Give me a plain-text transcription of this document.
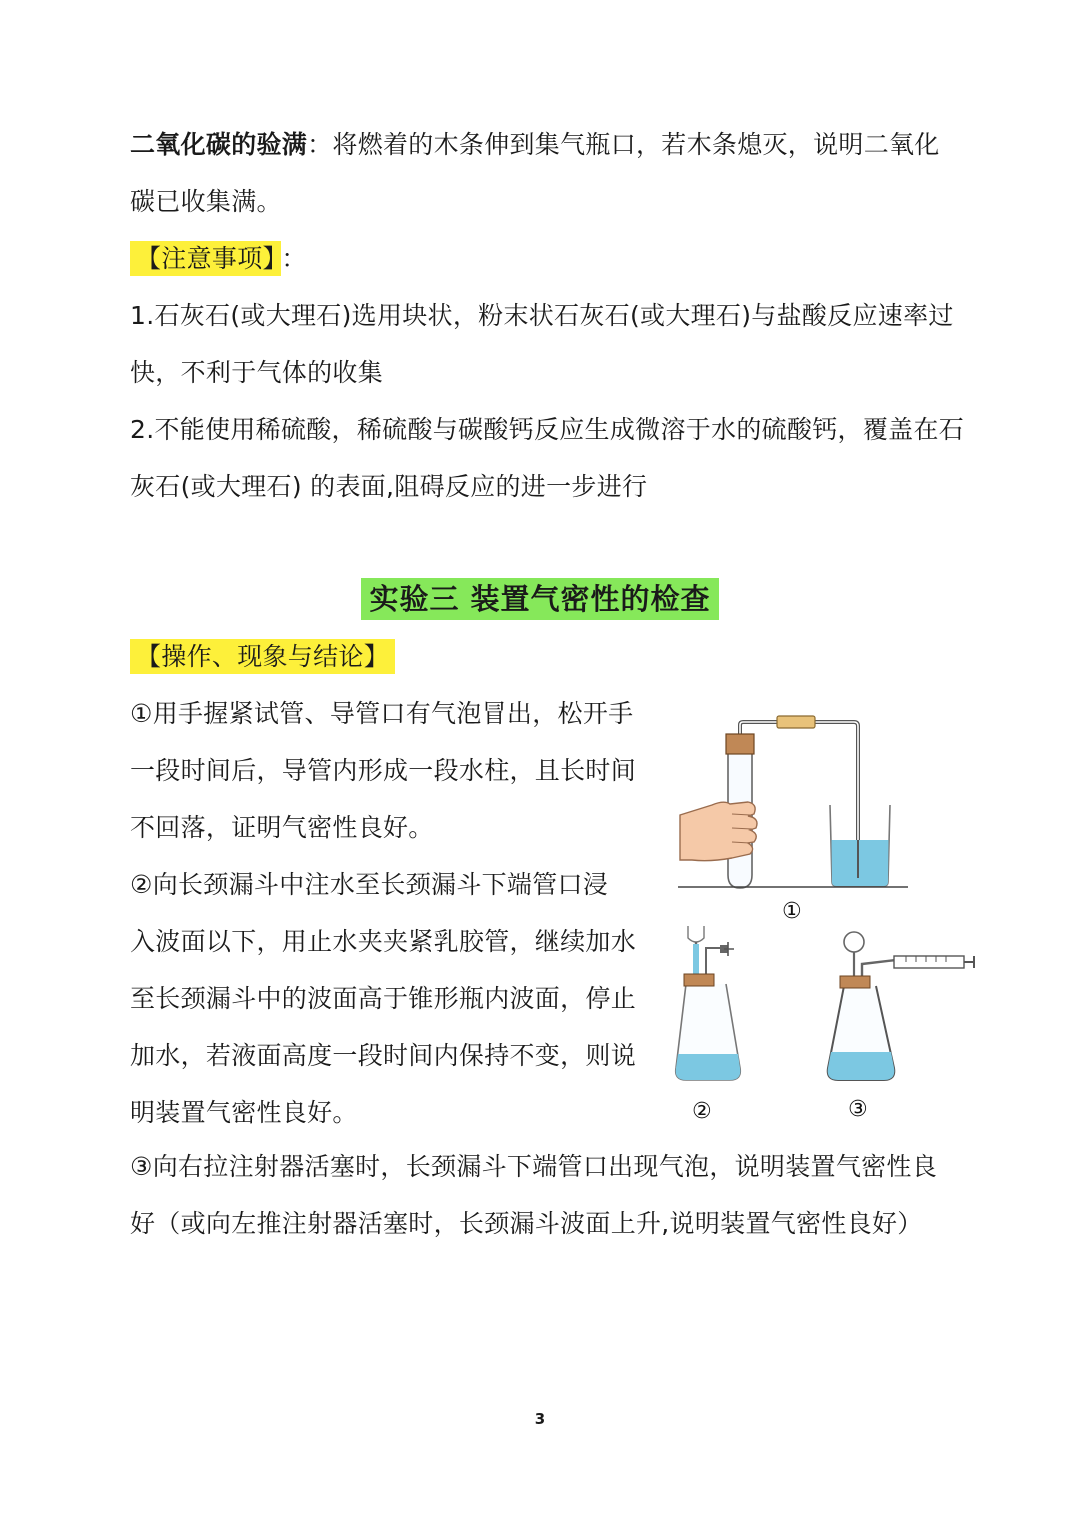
二氧化碳的验满：将燃着的木条伸到集气瓶口，若木条熄灭，说明二氧化

碳已收集满。

【注意事项】 ：

1.石灰石(或大理石)选用块状，粉末状石灰石(或大理石)与盐酸反应速率过

快，不利于气体的收集

2.不能使用稀硫酸，稀硫酸与碳酸钙反应生成微溶于水的硫酸钙，覆盖在石

灰石(或大理石) 的表面,阻碍反应的进一步进行

实验三 装置气密性的检查

【操作、现象与结论】

①用手握紧试管、导管口有气泡冒出，松开手

一段时间后，导管内形成一段水柱，且长时间

不回落，证明气密性良好。

②向长颈漏斗中注水至长颈漏斗下端管口浸

入波面以下，用止水夹夹紧乳胶管，继续加水

至长颈漏斗中的波面高于锥形瓶内波面，停止

加水，若液面高度一段时间内保持不变，则说

明装置气密性良好。

③向右拉注射器活塞时，长颈漏斗下端管口出现气泡，说明装置气密性良

好（或向左推注射器活塞时，长颈漏斗波面上升,说明装置气密性良好）

①
②	③
3
